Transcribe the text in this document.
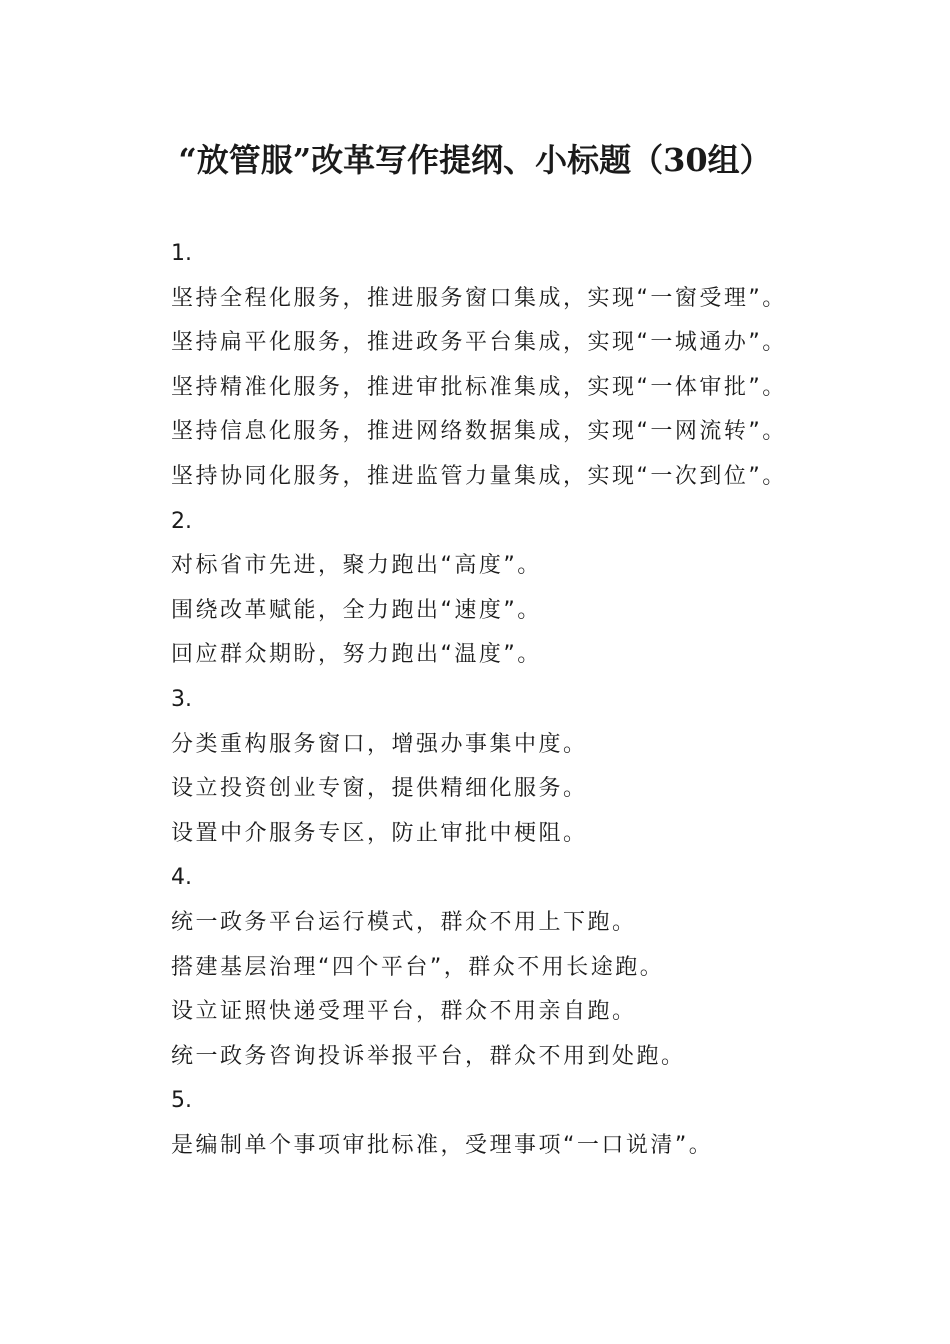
“放管服”改革写作提纲、小标题（30组）
1.
坚持全程化服务，推进服务窗口集成，实现“一窗受理”。
坚持扁平化服务，推进政务平台集成，实现“一城通办”。
坚持精准化服务，推进审批标准集成，实现“一体审批”。
坚持信息化服务，推进网络数据集成，实现“一网流转”。
坚持协同化服务，推进监管力量集成，实现“一次到位”。
2.
对标省市先进，聚力跑出“高度”。
围绕改革赋能，全力跑出“速度”。
回应群众期盼，努力跑出“温度”。
3.
分类重构服务窗口，增强办事集中度。
设立投资创业专窗，提供精细化服务。
设置中介服务专区，防止审批中梗阻。
4.
统一政务平台运行模式，群众不用上下跑。
搭建基层治理“四个平台”，群众不用长途跑。
设立证照快递受理平台，群众不用亲自跑。
统一政务咨询投诉举报平台，群众不用到处跑。
5.
是编制单个事项审批标准，受理事项“一口说清”。
